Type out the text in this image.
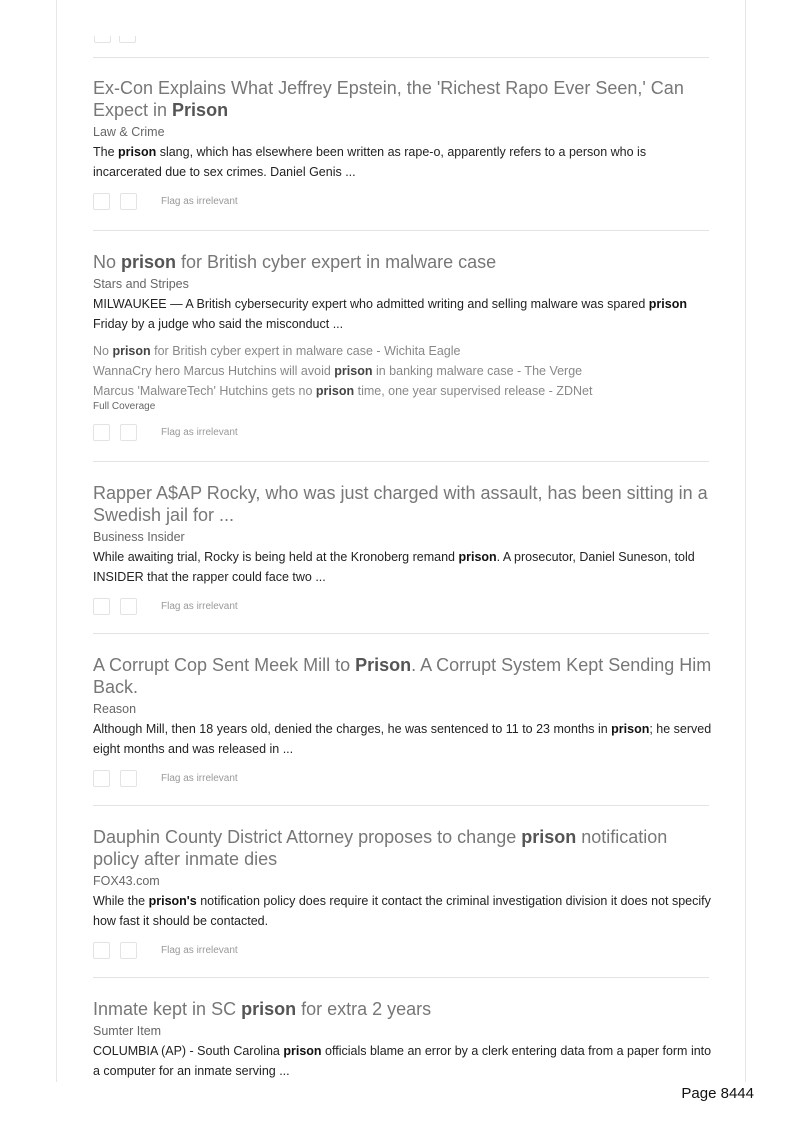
Ex-Con Explains What Jeffrey Epstein, the 'Richest Rapo Ever Seen,' Can Expect in Prison
Law & Crime
The prison slang, which has elsewhere been written as rape-o, apparently refers to a person who is incarcerated due to sex crimes. Daniel Genis ...
Flag as irrelevant
No prison for British cyber expert in malware case
Stars and Stripes
MILWAUKEE — A British cybersecurity expert who admitted writing and selling malware was spared prison Friday by a judge who said the misconduct ...
No prison for British cyber expert in malware case - Wichita Eagle
WannaCry hero Marcus Hutchins will avoid prison in banking malware case - The Verge
Marcus 'MalwareTech' Hutchins gets no prison time, one year supervised release - ZDNet
Full Coverage
Flag as irrelevant
Rapper A$AP Rocky, who was just charged with assault, has been sitting in a Swedish jail for ...
Business Insider
While awaiting trial, Rocky is being held at the Kronoberg remand prison. A prosecutor, Daniel Suneson, told INSIDER that the rapper could face two ...
Flag as irrelevant
A Corrupt Cop Sent Meek Mill to Prison. A Corrupt System Kept Sending Him Back.
Reason
Although Mill, then 18 years old, denied the charges, he was sentenced to 11 to 23 months in prison; he served eight months and was released in ...
Flag as irrelevant
Dauphin County District Attorney proposes to change prison notification policy after inmate dies
FOX43.com
While the prison's notification policy does require it contact the criminal investigation division it does not specify how fast it should be contacted.
Flag as irrelevant
Inmate kept in SC prison for extra 2 years
Sumter Item
COLUMBIA (AP) - South Carolina prison officials blame an error by a clerk entering data from a paper form into a computer for an inmate serving ...
Page 8444
